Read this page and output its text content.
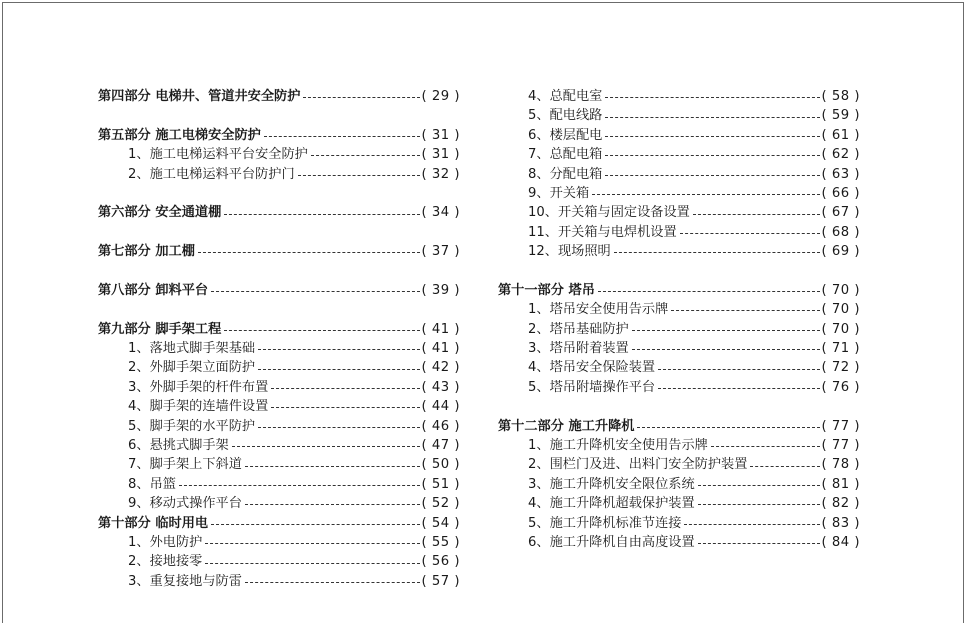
第四部分 电梯井、管道井安全防护	( 29 )
第五部分 施工电梯安全防护	( 31 )
1、施工电梯运料平台安全防护	( 31 )
2、施工电梯运料平台防护门	( 32 )
第六部分 安全通道棚	( 34 )
第七部分 加工棚	( 37 )
第八部分 卸料平台	( 39 )
第九部分 脚手架工程	( 41 )
1、落地式脚手架基础	( 41 )
2、外脚手架立面防护	( 42 )
3、外脚手架的杆件布置	( 43 )
4、脚手架的连墙件设置	( 44 )
5、脚手架的水平防护	( 46 )
6、悬挑式脚手架	( 47 )
7、脚手架上下斜道	( 50 )
8、吊篮	( 51 )
9、移动式操作平台	( 52 )
第十部分 临时用电	( 54 )
1、外电防护	( 55 )
2、接地接零	( 56 )
3、重复接地与防雷	( 57 )
4、总配电室	( 58 )
5、配电线路	( 59 )
6、楼层配电	( 61 )
7、总配电箱	( 62 )
8、分配电箱	( 63 )
9、开关箱	( 66 )
10、开关箱与固定设备设置	( 67 )
11、开关箱与电焊机设置	( 68 )
12、现场照明	( 69 )
第十一部分 塔吊	( 70 )
1、塔吊安全使用告示牌	( 70 )
2、塔吊基础防护	( 70 )
3、塔吊附着装置	( 71 )
4、塔吊安全保险装置	( 72 )
5、塔吊附墙操作平台	( 76 )
第十二部分 施工升降机	( 77 )
1、施工升降机安全使用告示牌	( 77 )
2、围栏门及进、出料门安全防护装置	( 78 )
3、施工升降机安全限位系统	( 81 )
4、施工升降机超载保护装置	( 82 )
5、施工升降机标准节连接	( 83 )
6、施工升降机自由高度设置	( 84 )
